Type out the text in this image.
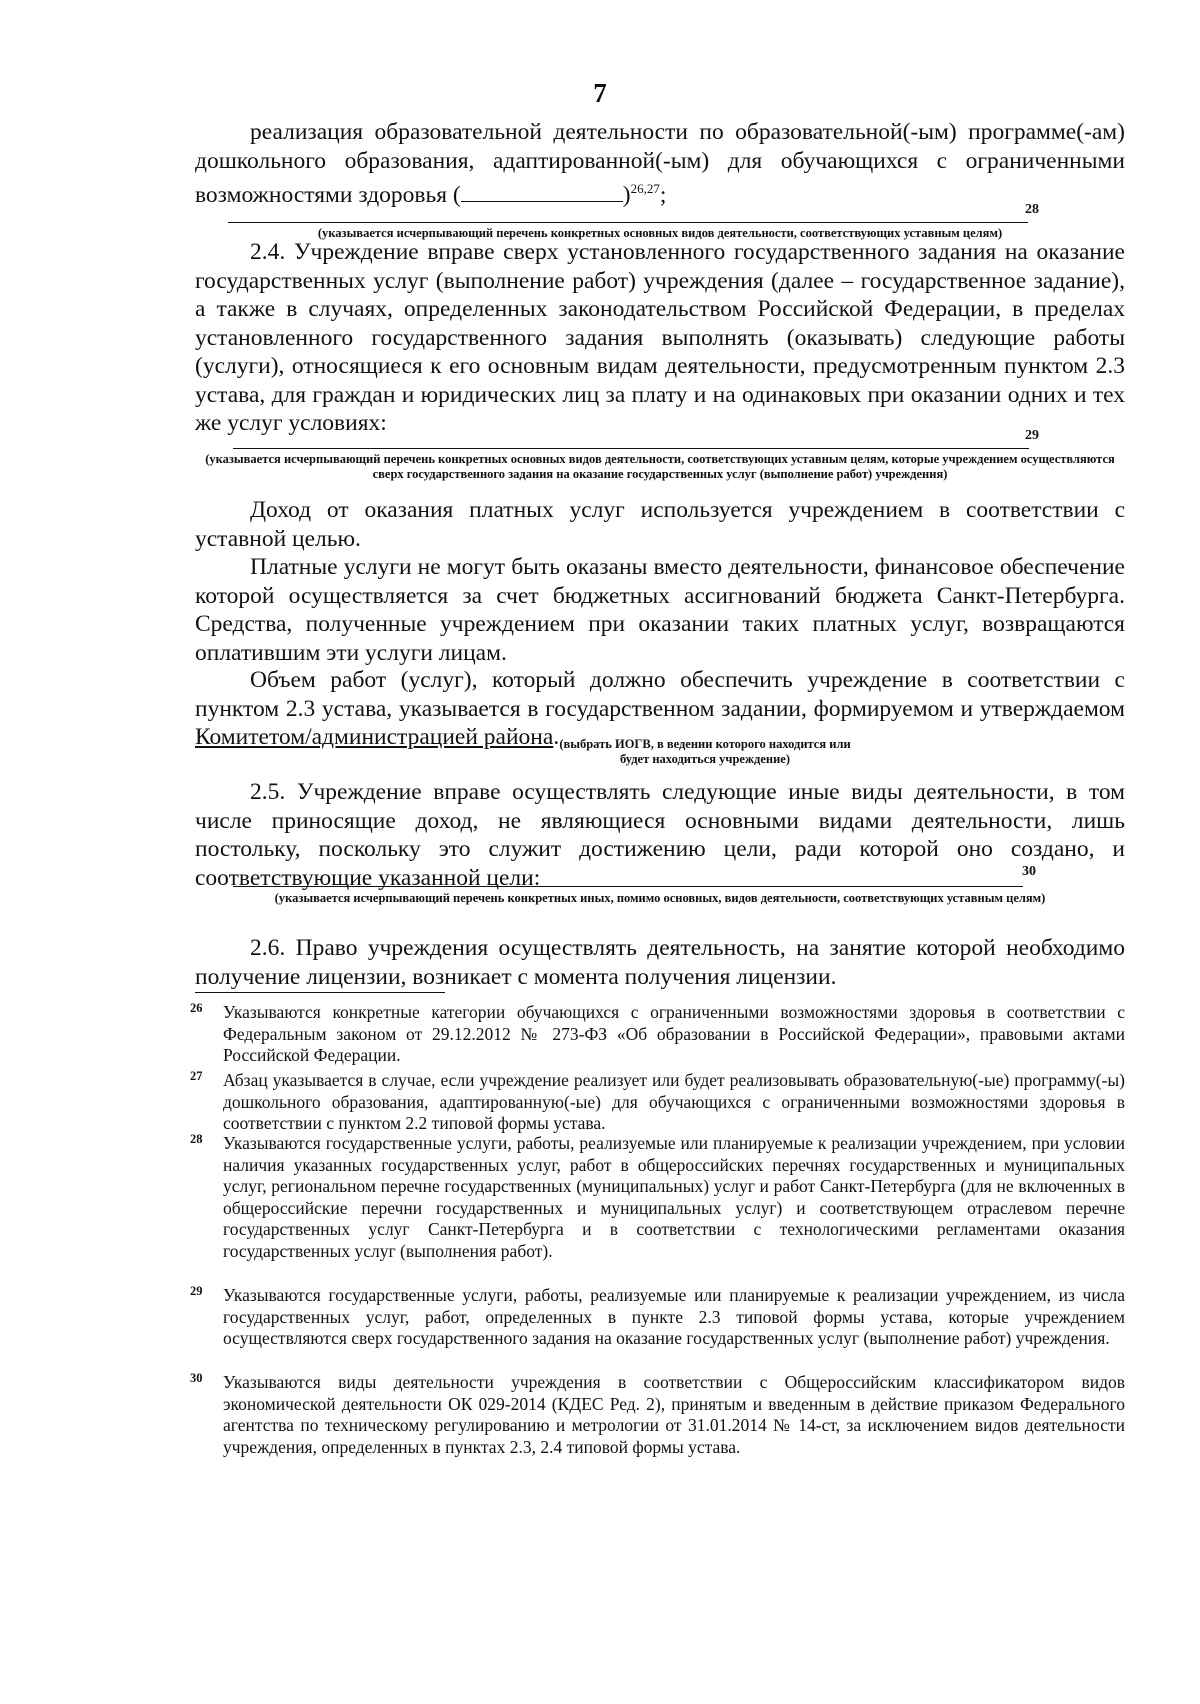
7
реализация образовательной деятельности по образовательной(-ым) программе(-ам) дошкольного образования, адаптированной(-ым) для обучающихся с ограниченными
возможностями здоровья (	)$^{26,27}$;
28
(указывается исчерпывающий перечень конкретных основных видов деятельности, соответствующих уставным целям)
2.4. Учреждение вправе сверх установленного государственного задания на оказание государственных услуг (выполнение работ) учреждения (далее – государственное задание), а также в случаях, определенных законодательством Российской Федерации, в пределах установленного государственного задания выполнять (оказывать) следующие работы (услуги), относящиеся к его основным видам деятельности, предусмотренным пунктом 2.3 устава, для граждан и юридических лиц за плату и на одинаковых при оказании одних и тех же услуг условиях:	29
(указывается исчерпывающий перечень конкретных основных видов деятельности, соответствующих уставным целям, которые учреждением осуществляются сверх государственного задания на оказание государственных услуг (выполнение работ) учреждения)
Доход от оказания платных услуг используется учреждением в соответствии с уставной целью.
Платные услуги не могут быть оказаны вместо деятельности, финансовое обеспечение которой осуществляется за счет бюджетных ассигнований бюджета Санкт-Петербурга. Средства, полученные учреждением при оказании таких платных услуг, возвращаются оплатившим эти услуги лицам.
Объем работ (услуг), который должно обеспечить учреждение в соответствии с пунктом 2.3 устава, указывается в государственном задании, формируемом и утверждаемом Комитетом/администрацией района. (выбрать ИОГВ, в ведении которого находится или будет находиться учреждение)
2.5. Учреждение вправе осуществлять следующие иные виды деятельности, в том числе приносящие доход, не являющиеся основными видами деятельности, лишь постольку, поскольку это служит достижению цели, ради которой оно создано, и соответствующие указанной цели:	30
(указывается исчерпывающий перечень конкретных иных, помимо основных, видов деятельности, соответствующих уставным целям)
2.6. Право учреждения осуществлять деятельность, на занятие которой необходимо получение лицензии, возникает с момента получения лицензии.
26 Указываются конкретные категории обучающихся с ограниченными возможностями здоровья в соответствии с Федеральным законом от 29.12.2012 № 273-ФЗ «Об образовании в Российской Федерации», правовыми актами Российской Федерации.
27 Абзац указывается в случае, если учреждение реализует или будет реализовывать образовательную(-ые) программу(-ы) дошкольного образования, адаптированную(-ые) для обучающихся с ограниченными возможностями здоровья в соответствии с пунктом 2.2 типовой формы устава.
28 Указываются государственные услуги, работы, реализуемые или планируемые к реализации учреждением, при условии наличия указанных государственных услуг, работ в общероссийских перечнях государственных и муниципальных услуг, региональном перечне государственных (муниципальных) услуг и работ Санкт-Петербурга (для не включенных в общероссийские перечни государственных и муниципальных услуг) и соответствующем отраслевом перечне государственных услуг Санкт-Петербурга и в соответствии с технологическими регламентами оказания государственных услуг (выполнения работ).
29 Указываются государственные услуги, работы, реализуемые или планируемые к реализации учреждением, из числа государственных услуг, работ, определенных в пункте 2.3 типовой формы устава, которые учреждением осуществляются сверх государственного задания на оказание государственных услуг (выполнение работ) учреждения.
30 Указываются виды деятельности учреждения в соответствии с Общероссийским классификатором видов экономической деятельности ОК 029-2014 (КДЕС Ред. 2), принятым и введенным в действие приказом Федерального агентства по техническому регулированию и метрологии от 31.01.2014 № 14-ст, за исключением видов деятельности учреждения, определенных в пунктах 2.3, 2.4 типовой формы устава.
